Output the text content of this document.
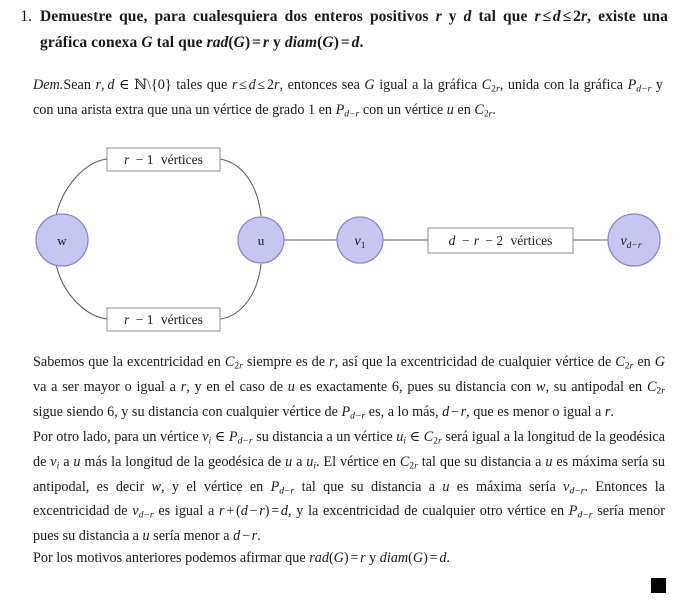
1. Demuestre que, para cualesquiera dos enteros positivos r y d tal que r ≤ d ≤ 2r, existe una gráfica conexa G tal que rad(G) = r y diam(G) = d.
Dem.Sean r, d ∈ ℕ\{0} tales que r ≤ d ≤ 2r, entonces sea G igual a la gráfica $C_{2r}$, unida con la gráfica $P_{d-r}$ y con una arista extra que una un vértice de grado 1 en $P_{d-r}$ con un vértice u en $C_{2r}$.
r − 1 vértices
r − 1 vértices
d − r − 2 vértices
w	u	$v_1$	$v_{d-r}$

Sabemos que la excentricidad en $C_{2r}$ siempre es de r, así que la excentricidad de cualquier vértice de $C_{2r}$ en G va a ser mayor o igual a r, y en el caso de u es exactamente 6, pues su distancia con w, su antipodal en $C_{2r}$ sigue siendo 6, y su distancia con cualquier vértice de $P_{d-r}$ es, a lo más, d − r, que es menor o igual a r.

Por otro lado, para un vértice $v_i$ ∈ $P_{d-r}$ su distancia a un vértice $u_i$ ∈ $C_{2r}$ será igual a la longitud de la geodésica de $v_i$ a u más la longitud de la geodésica de u a $u_i$. El vértice en $C_{2r}$ tal que su distancia a u es máxima sería su antipodal, es decir w, y el vértice en $P_{d-r}$ tal que su distancia a u es máxima sería $v_{d-r}$. Entonces la excentricidad de $v_{d-r}$ es igual a r + (d − r) = d, y la excentricidad de cualquier otro vértice en $P_{d-r}$ sería menor pues su distancia a u sería menor a d − r.

Por los motivos anteriores podemos afirmar que rad(G) = r y diam(G) = d.
